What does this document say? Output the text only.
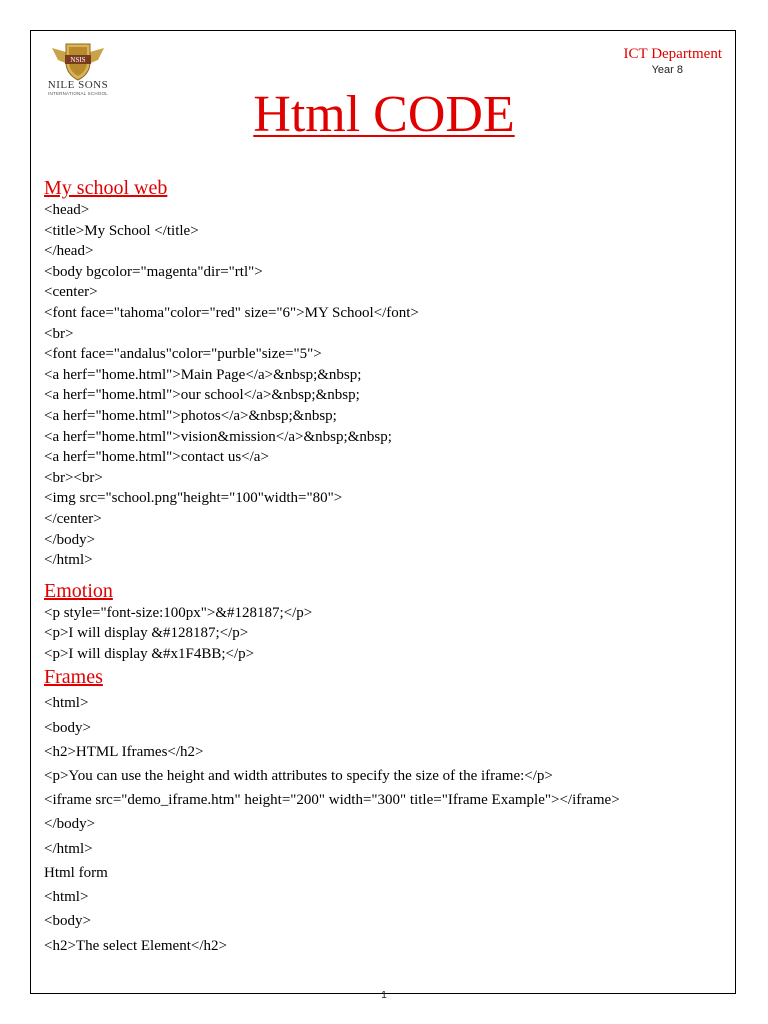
NSIS
NILE SONS
INTERNATIONAL SCHOOL
ICT Department
Year 8
Html CODE
My school web
<head>
<title>My School </title>
</head>
<body bgcolor="magenta"dir="rtl">
<center>
<font face="tahoma"color="red" size="6">MY School</font>
<br>
<font face="andalus"color="purble"size="5">
<a herf="home.html">Main Page</a>&nbsp;&nbsp;
<a herf="home.html">our school</a>&nbsp;&nbsp;
<a herf="home.html">photos</a>&nbsp;&nbsp;
<a herf="home.html">vision&mission</a>&nbsp;&nbsp;
<a herf="home.html">contact us</a>
<br><br>
<img src="school.png"height="100"width="80">
</center>
</body>
</html>
Emotion
<p style="font-size:100px">&#128187;</p>
<p>I will display &#128187;</p>
<p>I will display &#x1F4BB;</p>
Frames
<html>
<body>
<h2>HTML Iframes</h2>
<p>You can use the height and width attributes to specify the size of the iframe:</p>
<iframe src="demo_iframe.htm" height="200" width="300" title="Iframe Example"></iframe>
</body>
</html>
Html form
<html>
<body>
<h2>The select Element</h2>
1
